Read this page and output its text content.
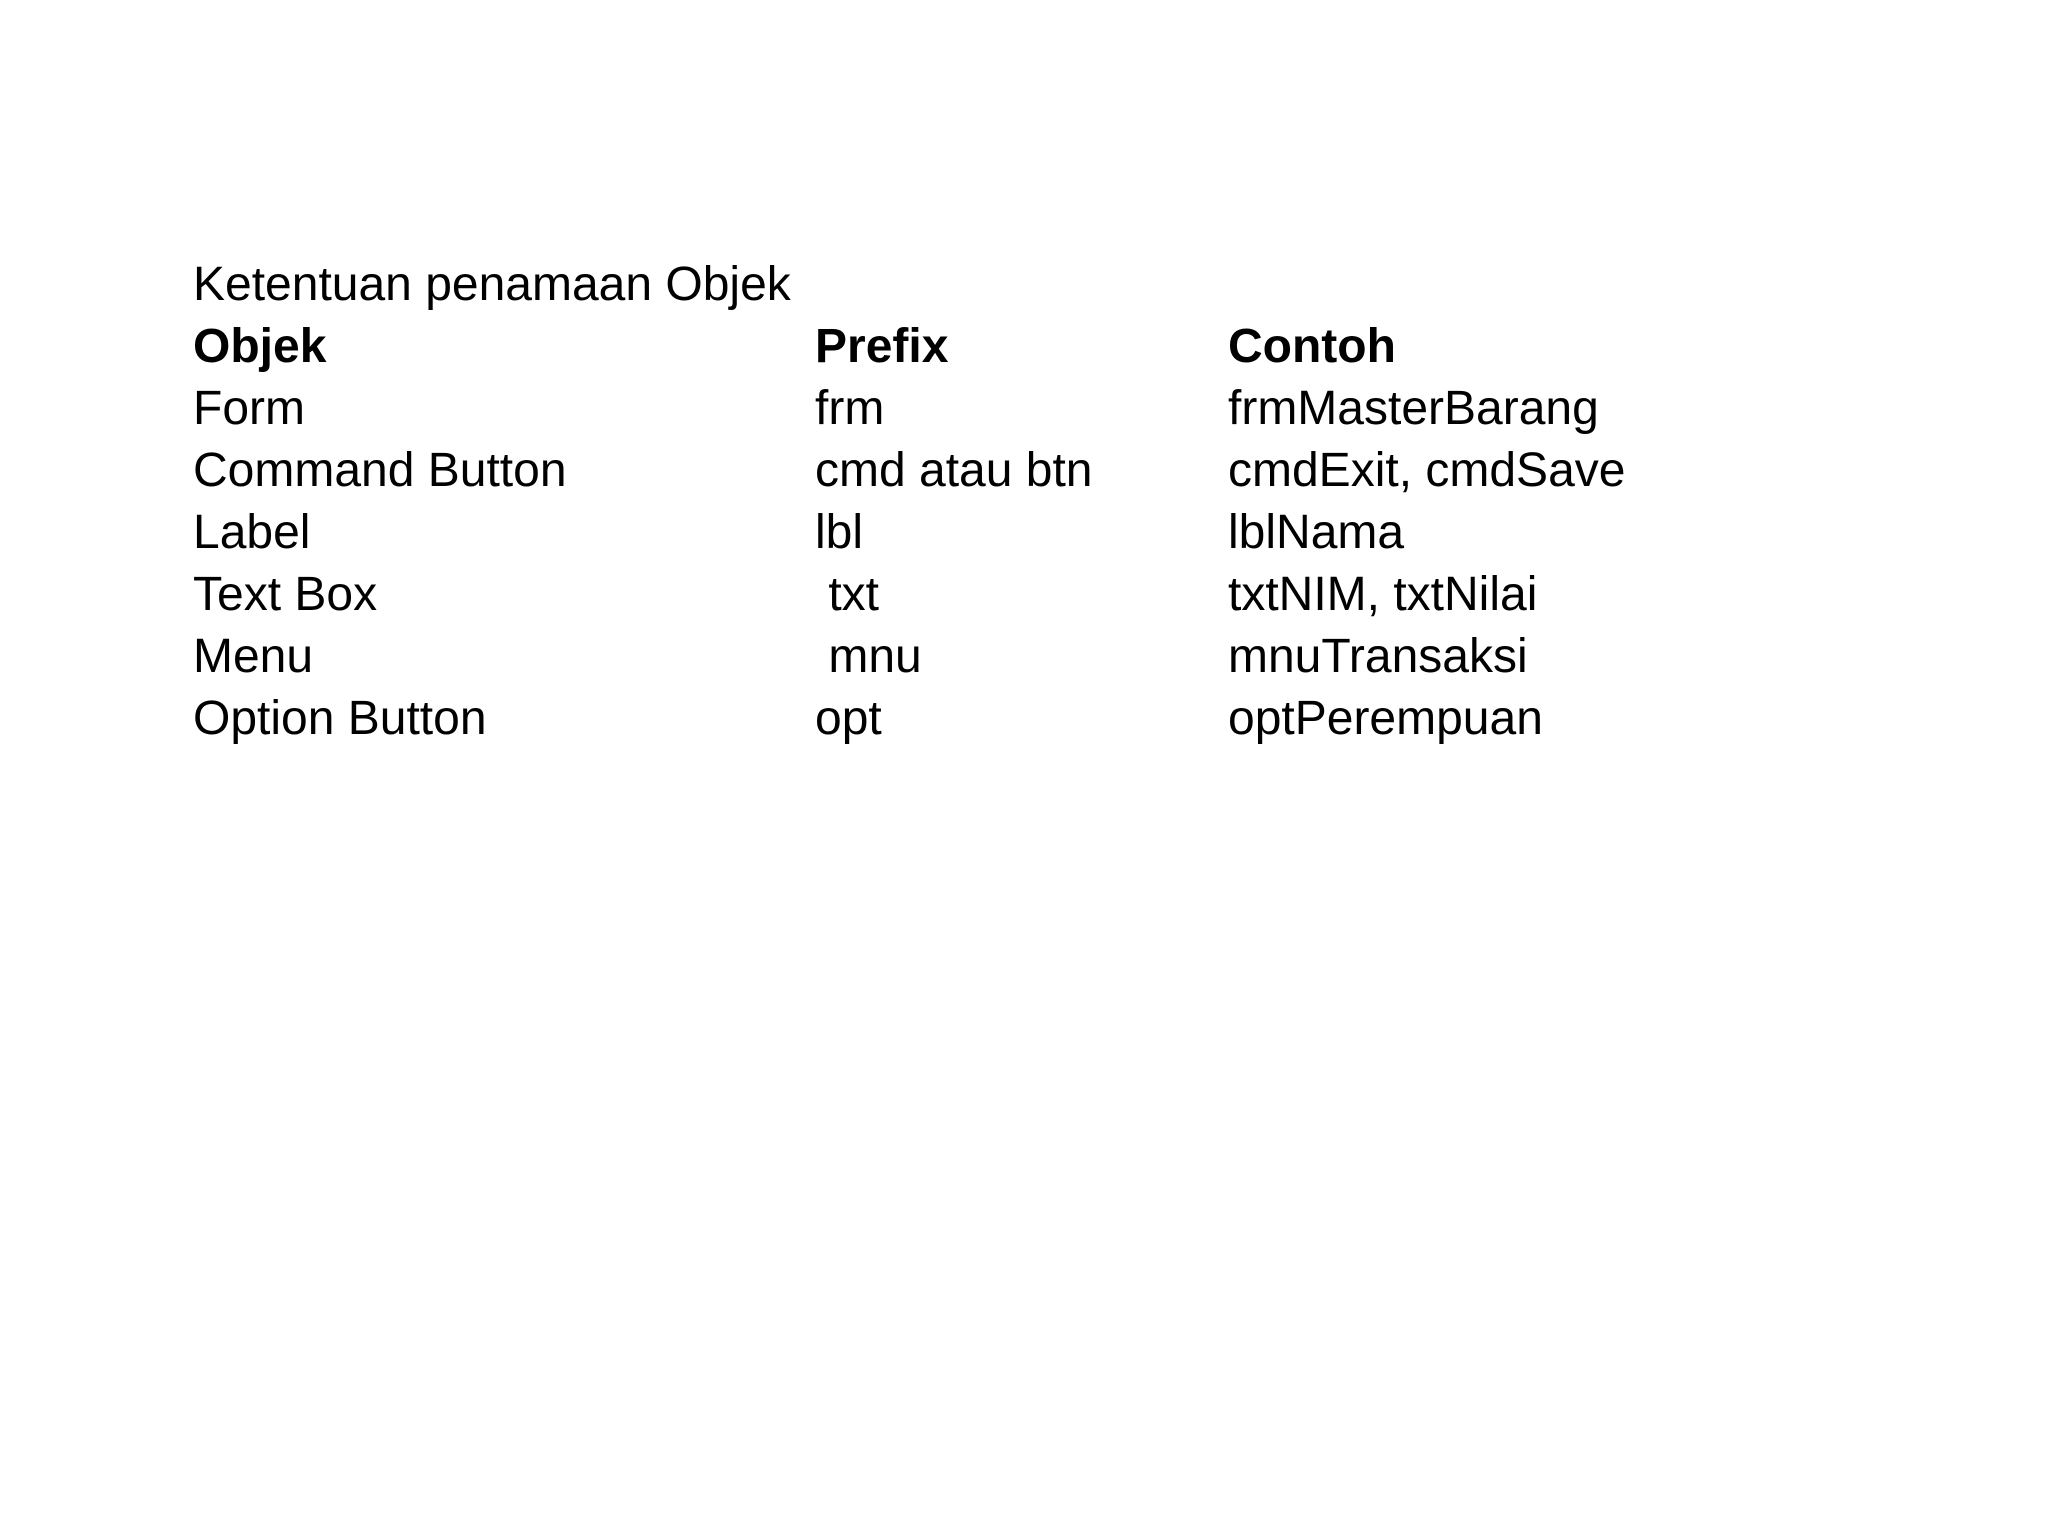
Ketentuan penamaan Objek
Objek	Prefix	Contoh
Form	frm	frmMasterBarang
Command Button	cmd atau btn	cmdExit, cmdSave
Label	lbl	lblNama
Text Box	txt	txtNIM, txtNilai
Menu	mnu	mnuTransaksi
Option Button	opt	optPerempuan
